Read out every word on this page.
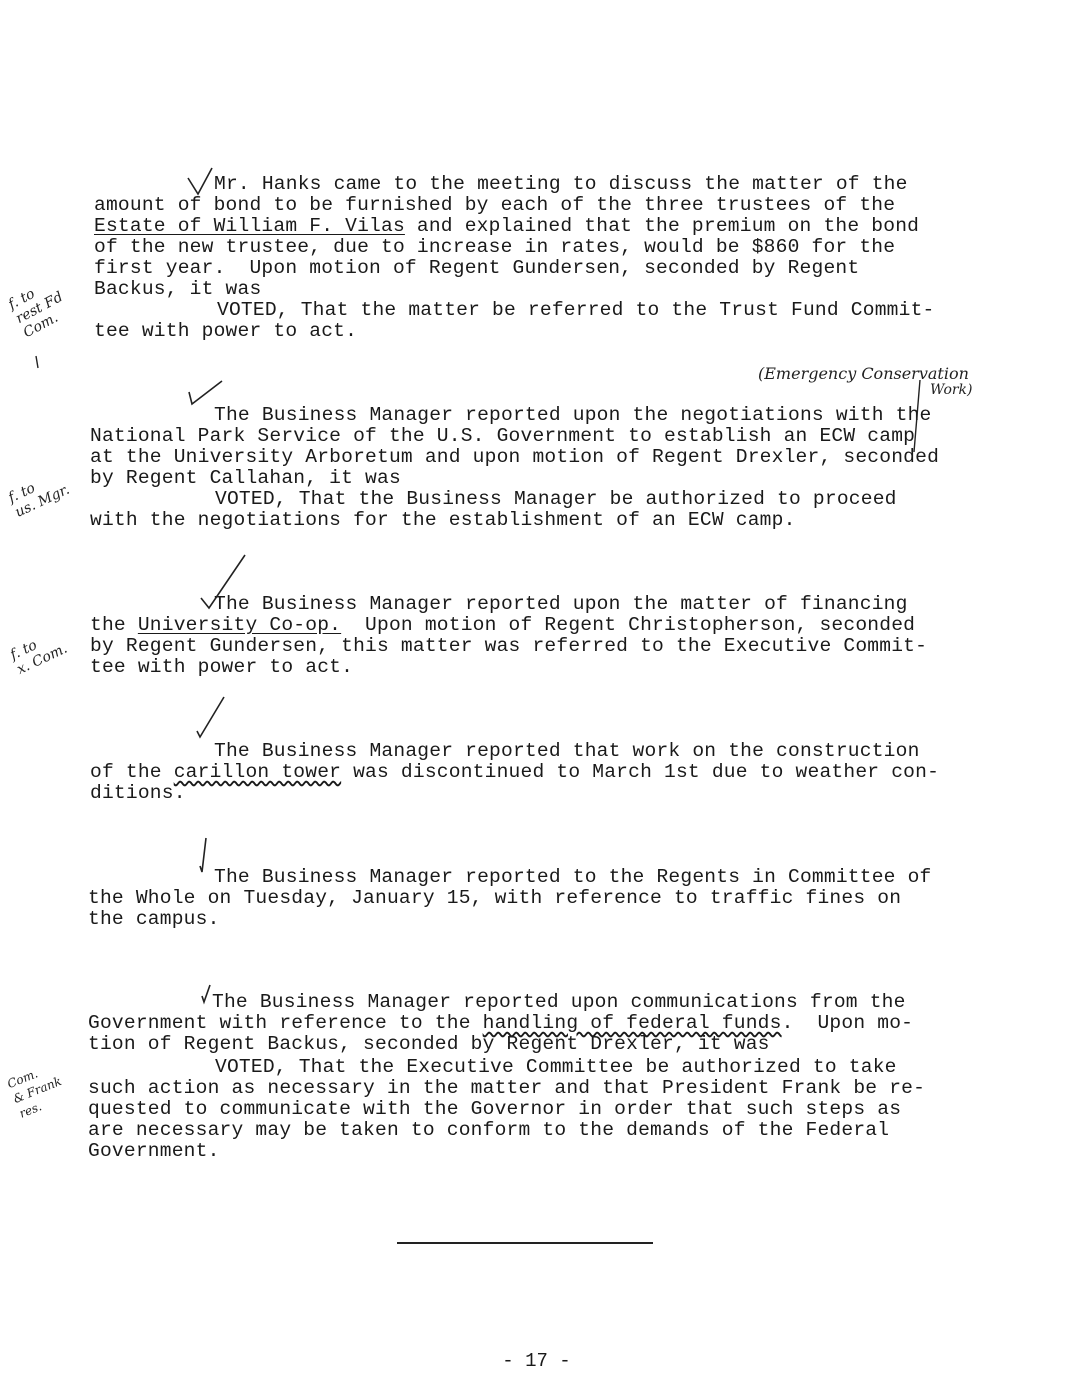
Mr. Hanks came to the meeting to discuss the matter of the
amount of bond to be furnished by each of the three trustees of the
Estate of William F. Vilas and explained that the premium on the bond
of the new trustee, due to increase in rates, would be $860 for the
first year.  Upon motion of Regent Gundersen, seconded by Regent
Backus, it was
VOTED, That the matter be referred to the Trust Fund Commit-
tee with power to act.
(Emergency Conservation
Work)
The Business Manager reported upon the negotiations with the
National Park Service of the U.S. Government to establish an ECW camp
at the University Arboretum and upon motion of Regent Drexler, seconded
by Regent Callahan, it was
VOTED, That the Business Manager be authorized to proceed
with the negotiations for the establishment of an ECW camp.
The Business Manager reported upon the matter of financing
the University Co-op.  Upon motion of Regent Christopherson, seconded
by Regent Gundersen, this matter was referred to the Executive Commit-
tee with power to act.
The Business Manager reported that work on the construction
of the carillon tower was discontinued to March 1st due to weather con-
ditions.
The Business Manager reported to the Regents in Committee of
the Whole on Tuesday, January 15, with reference to traffic fines on
the campus.
The Business Manager reported upon communications from the
Government with reference to the handling of federal funds.  Upon mo-
tion of Regent Backus, seconded by Regent Drexler, it was
VOTED, That the Executive Committee be authorized to take
such action as necessary in the matter and that President Frank be re-
quested to communicate with the Governor in order that such steps as
are necessary may be taken to conform to the demands of the Federal
Government.
f. to
rest Fd
Com.
f. to
us. Mgr.
f. to
x. Com.
Com.
& Frank
res.
- 17 -
